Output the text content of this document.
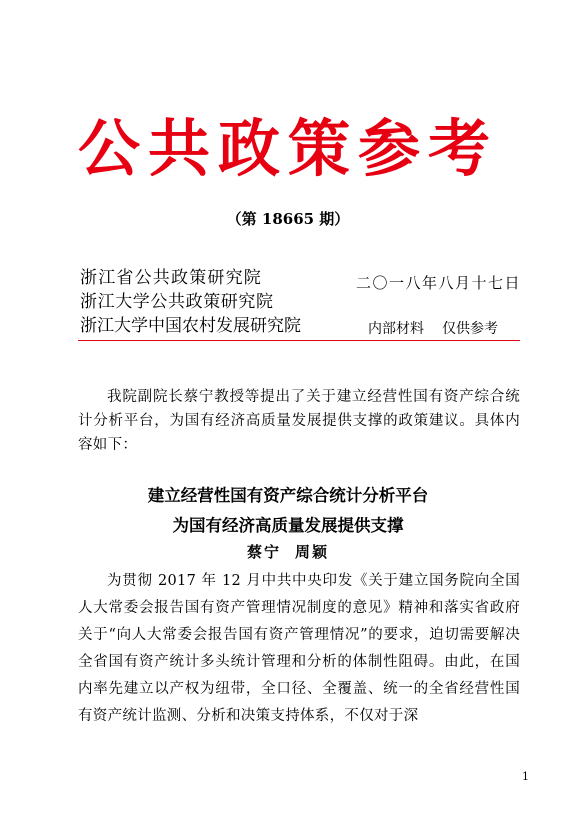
公共政策参考
（第 18665 期）
浙江省公共政策研究院
浙江大学公共政策研究院
浙江大学中国农村发展研究院
二〇一八年八月十七日
内部材料 仅供参考
我院副院长蔡宁教授等提出了关于建立经营性国有资产综合统计分析平台，为国有经济高质量发展提供支撑的政策建议。具体内容如下：
建立经营性国有资产综合统计分析平台
为国有经济高质量发展提供支撑
蔡宁 周颖
为贯彻 2017 年 12 月中共中央印发《关于建立国务院向全国人大常委会报告国有资产管理情况制度的意见》精神和落实省政府关于“向人大常委会报告国有资产管理情况”的要求，迫切需要解决全省国有资产统计多头统计管理和分析的体制性阻碍。由此，在国内率先建立以产权为纽带，全口径、全覆盖、统一的全省经营性国有资产统计监测、分析和决策支持体系，不仅对于深
1
